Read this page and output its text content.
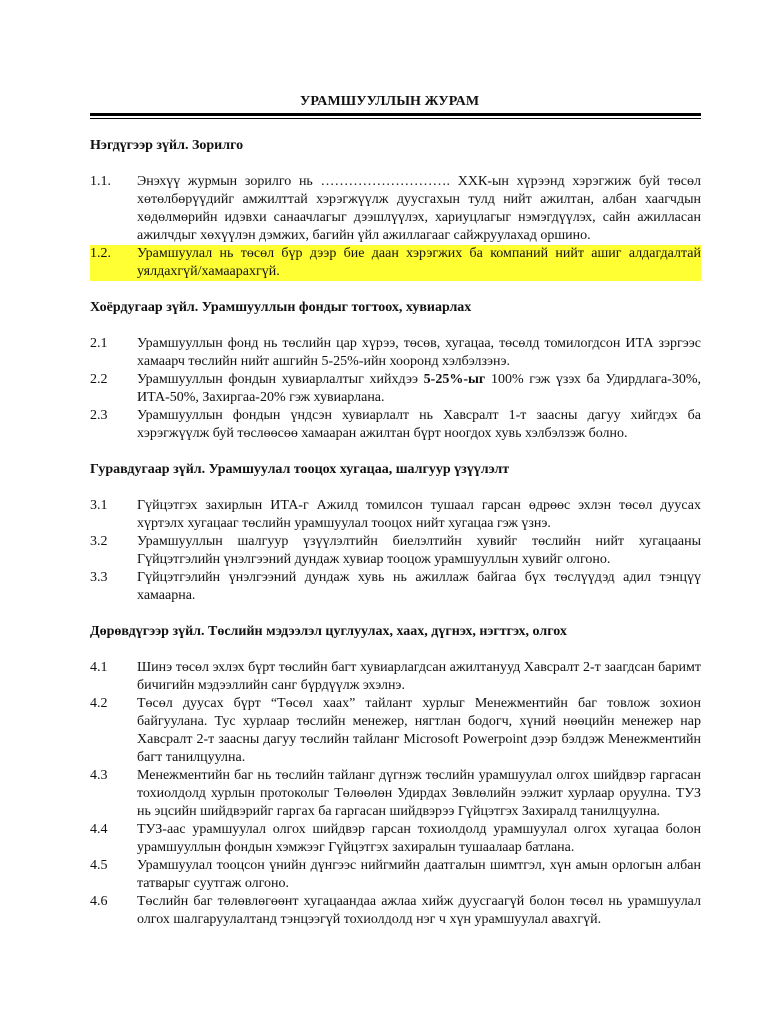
УРАМШУУЛЛЫН ЖУРАМ
Нэгдүгээр зүйл. Зорилго
1.1.	Энэхүү журмын зорилго нь ………………………. ХХК-ын хүрээнд хэрэгжиж буй төсөл хөтөлбөрүүдийг амжилттай хэрэгжүүлж дуусгахын тулд нийт ажилтан, албан хаагчдын хөдөлмөрийн идэвхи санаачлагыг дээшлүүлэх, хариуцлагыг нэмэгдүүлэх, сайн ажилласан ажилчдыг хөхүүлэн дэмжих, багийн үйл ажиллагааг сайжруулахад оршино.
1.2.	Урамшуулал нь төсөл бүр дээр бие даан хэрэгжих ба компаний нийт ашиг алдагдалтай уялдахгүй/хамаарахгүй.
Хоёрдугаар зүйл. Урамшууллын фондыг тогтоох, хувиарлах
2.1	Урамшууллын фонд нь төслийн цар хүрээ, төсөв, хугацаа, төсөлд томилогдсон ИТА зэргээс хамаарч төслийн нийт ашгийн 5-25%-ийн хооронд хэлбэлзэнэ.
2.2	Урамшууллын фондын хувиарлалтыг хийхдээ 5-25%-ыг 100% гэж үзэх ба Удирдлага-30%, ИТА-50%, Захиргаа-20% гэж хувиарлана.
2.3	Урамшууллын фондын үндсэн хувиарлалт нь Хавсралт 1-т заасны дагуу хийгдэх ба хэрэгжүүлж буй төслөөсөө хамааран ажилтан бүрт ноогдох хувь хэлбэлзэж болно.
Гуравдугаар зүйл. Урамшуулал тооцох хугацаа, шалгуур үзүүлэлт
3.1	Гүйцэтгэх захирлын ИТА-г Ажилд томилсон тушаал гарсан өдрөөс эхлэн төсөл дуусах хүртэлх хугацааг төслийн урамшуулал тооцох нийт хугацаа гэж үзнэ.
3.2	Урамшууллын шалгуур үзүүлэлтийн биелэлтийн хувийг төслийн нийт хугацааны Гүйцэтгэлийн үнэлгээний дундаж хувиар тооцож урамшууллын хувийг олгоно.
3.3	Гүйцэтгэлийн үнэлгээний дундаж хувь нь ажиллаж байгаа бүх төслүүдэд адил тэнцүү хамаарна.
Дөрөвдүгээр зүйл. Төслийн мэдээлэл цуглуулах, хаах, дүгнэх, нэгтгэх, олгох
4.1	Шинэ төсөл эхлэх бүрт төслийн багт хувиарлагдсан ажилтанууд Хавсралт 2-т заагдсан баримт бичигийн мэдээллийн санг бүрдүүлж эхэлнэ.
4.2	Төсөл дуусах бүрт “Төсөл хаах” тайлант хурлыг Менежментийн баг товлож зохион байгуулана. Тус хурлаар төслийн менежер, нягтлан бодогч, хүний нөөцийн менежер нар Хавсралт 2-т заасны дагуу төслийн тайланг Microsoft Powerpoint дээр бэлдэж Менежментийн багт танилцуулна.
4.3	Менежментийн баг нь төслийн тайланг дүгнэж төслийн урамшуулал олгох шийдвэр гаргасан тохиолдолд хурлын протоколыг Төлөөлөн Удирдах Зөвлөлийн ээлжит хурлаар оруулна. ТУЗ нь эцсийн шийдвэрийг гаргах ба гаргасан шийдвэрээ Гүйцэтгэх Захиралд танилцуулна.
4.4	ТУЗ-аас урамшуулал олгох шийдвэр гарсан тохиолдолд урамшуулал олгох хугацаа болон урамшууллын фондын хэмжээг Гүйцэтгэх захиралын тушаалаар батлана.
4.5	Урамшуулал тооцсон үнийн дүнгээс нийгмийн даатгалын шимтгэл, хүн амын орлогын албан татварыг суутгаж олгоно.
4.6	Төслийн баг төлөвлөгөөнт хугацаандаа ажлаа хийж дуусгаагүй болон төсөл нь урамшуулал олгох шалгаруулалтанд тэнцээгүй тохиолдолд нэг ч хүн урамшуулал авахгүй.
